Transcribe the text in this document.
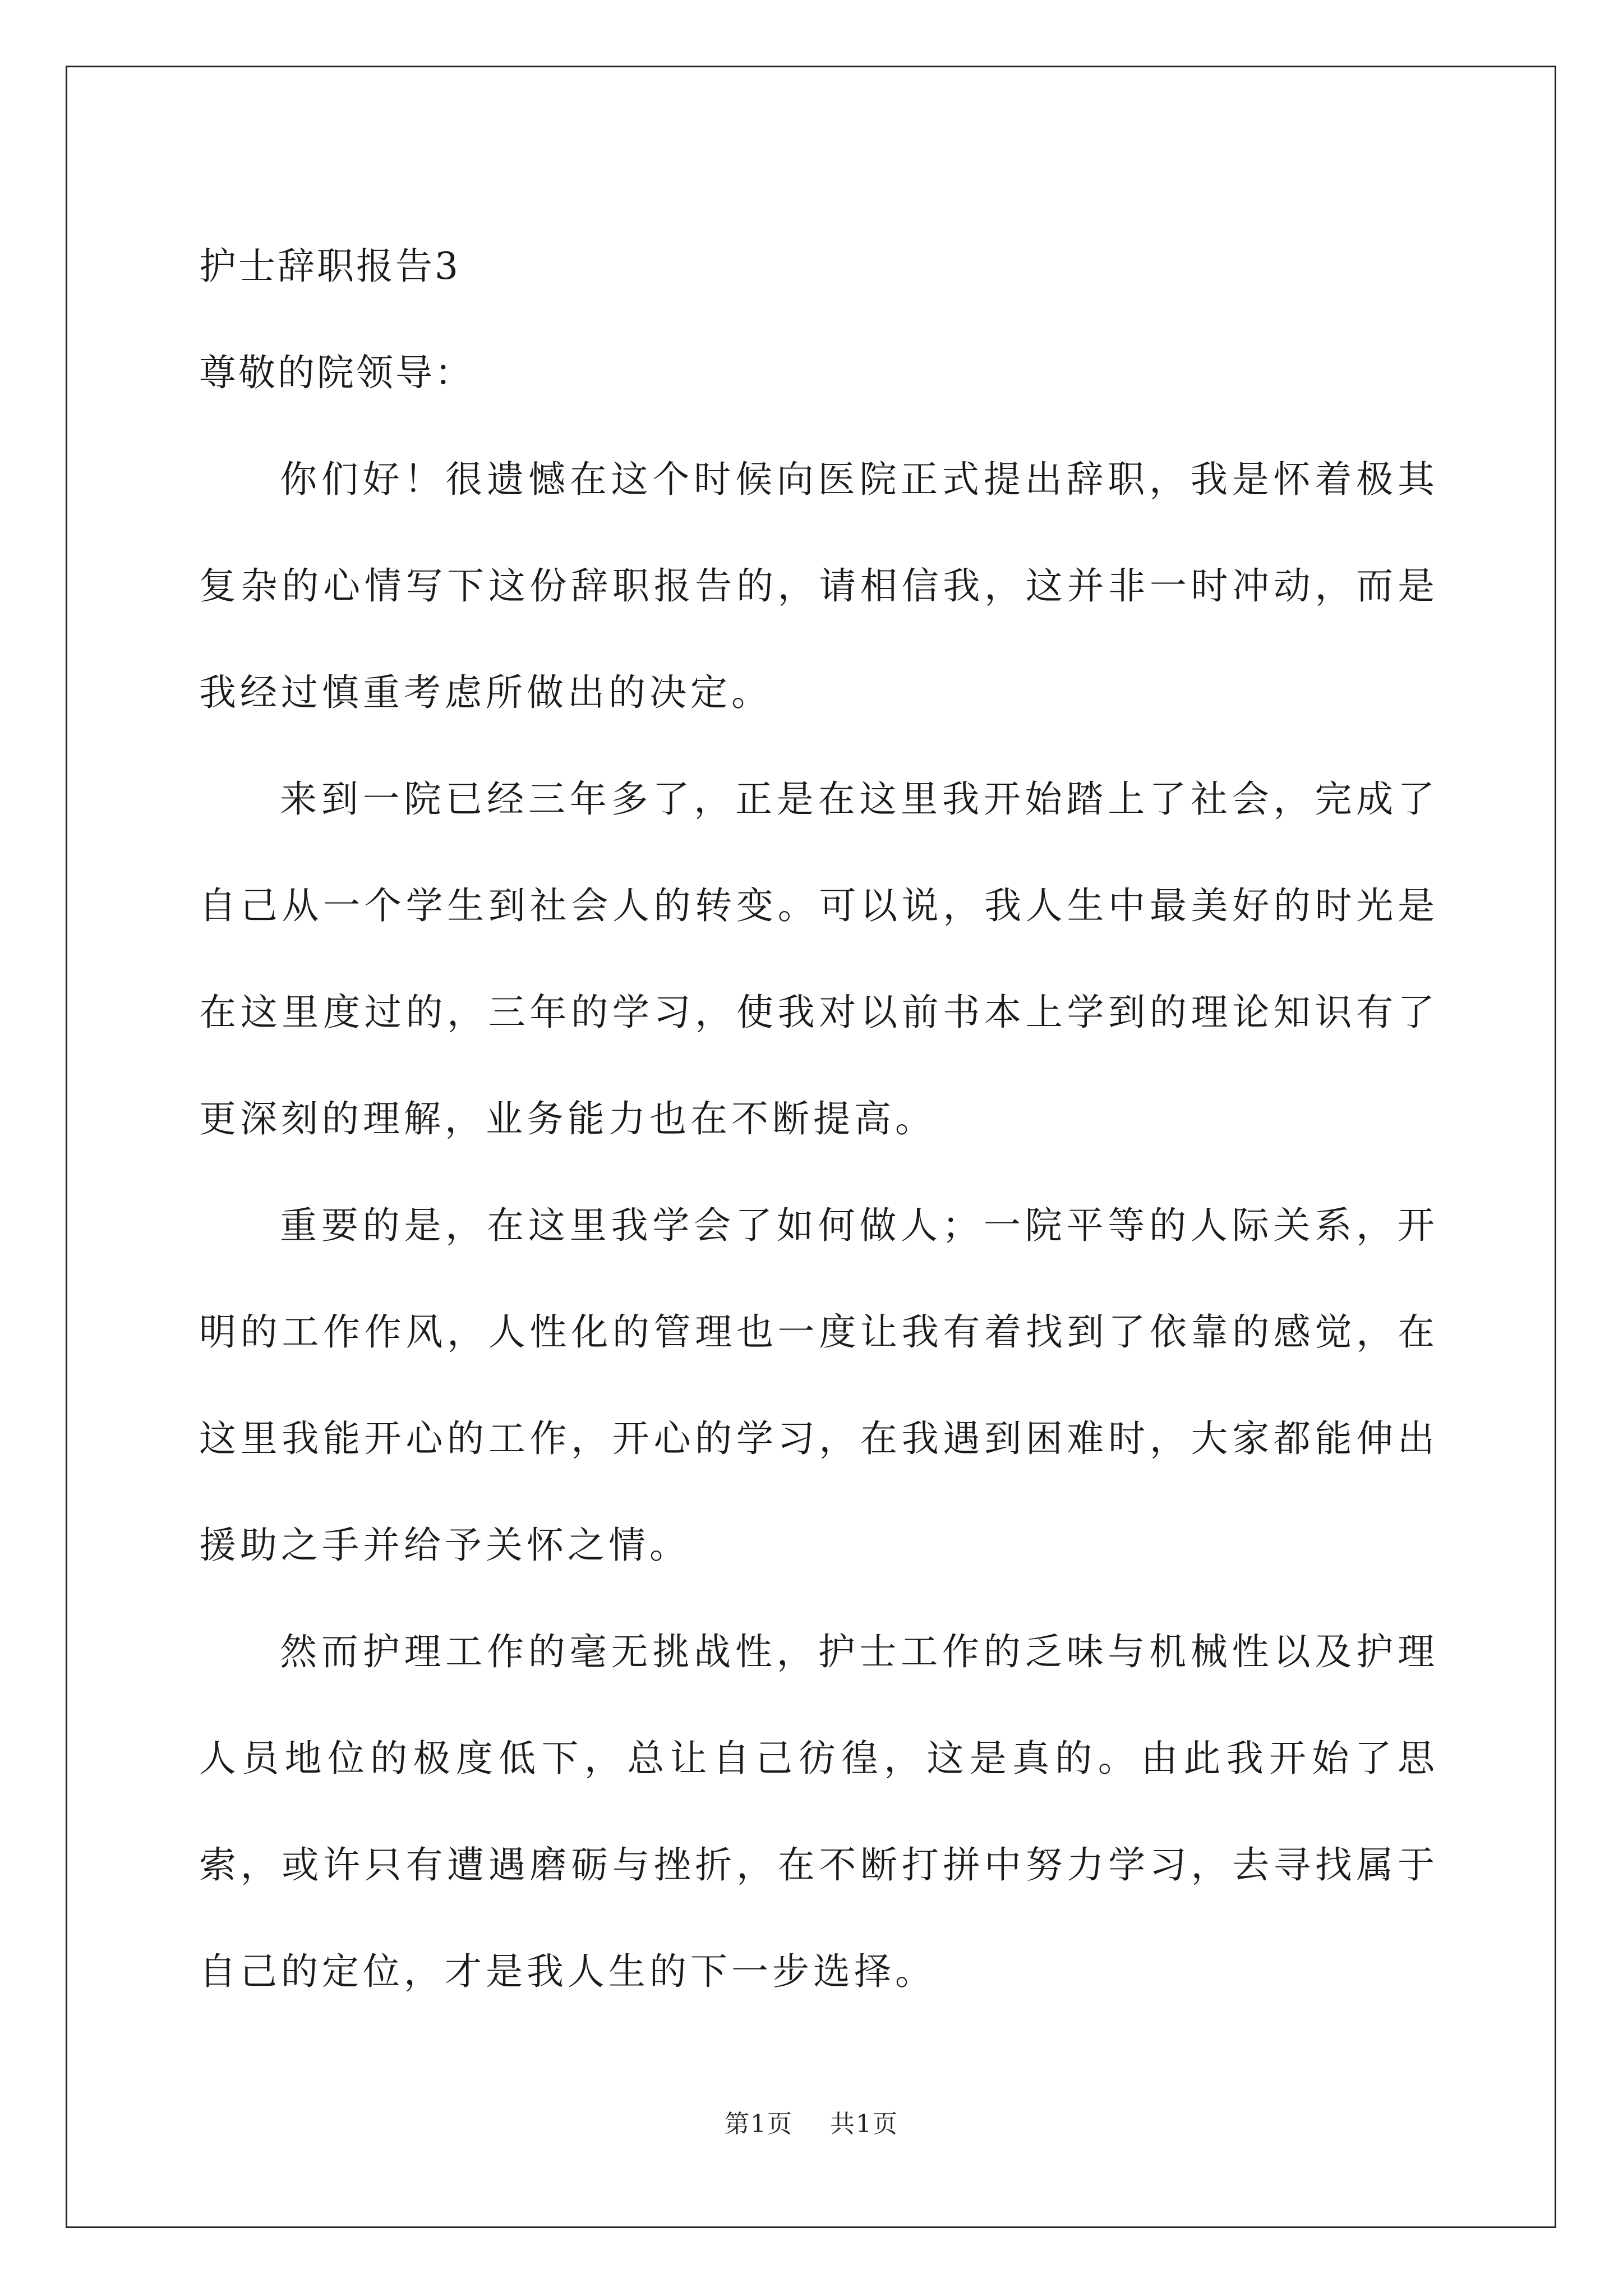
护士辞职报告3

尊敬的院领导：

你们好！很遗憾在这个时候向医院正式提出辞职，我是怀着极其复杂的心情写下这份辞职报告的，请相信我，这并非一时冲动，而是我经过慎重考虑所做出的决定。

来到一院已经三年多了，正是在这里我开始踏上了社会，完成了自己从一个学生到社会人的转变。可以说，我人生中最美好的时光是在这里度过的，三年的学习，使我对以前书本上学到的理论知识有了更深刻的理解，业务能力也在不断提高。

重要的是，在这里我学会了如何做人；一院平等的人际关系，开明的工作作风，人性化的管理也一度让我有着找到了依靠的感觉，在这里我能开心的工作，开心的学习，在我遇到困难时，大家都能伸出援助之手并给予关怀之情。

然而护理工作的毫无挑战性，护士工作的乏味与机械性以及护理人员地位的极度低下，总让自己彷徨，这是真的。由此我开始了思索，或许只有遭遇磨砺与挫折，在不断打拼中努力学习，去寻找属于自己的定位，才是我人生的下一步选择。

第1页 共1页
